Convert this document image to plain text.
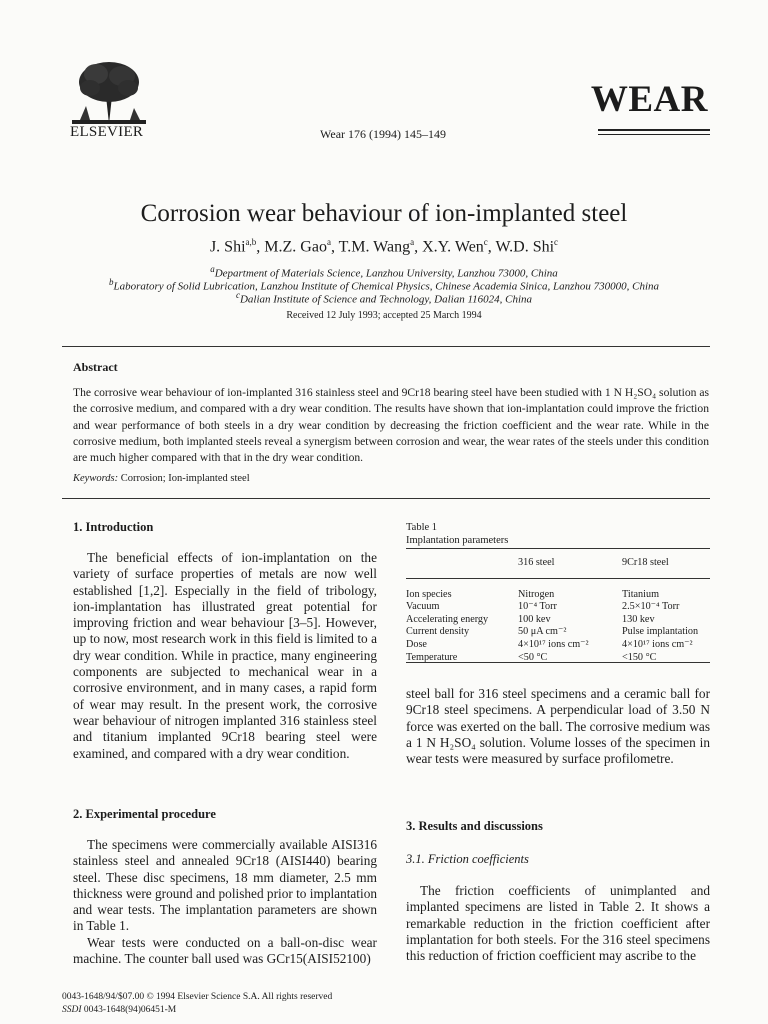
ELSEVIER	Wear 176 (1994) 145–149
WEAR
Corrosion wear behaviour of ion-implanted steel
J. Shi$^{a,b}$, M.Z. Gao$^a$, T.M. Wang$^a$, X.Y. Wen$^c$, W.D. Shi$^c$
$^a$Department of Materials Science, Lanzhou University, Lanzhou 73000, China
$^b$Laboratory of Solid Lubrication, Lanzhou Institute of Chemical Physics, Chinese Academia Sinica, Lanzhou 730000, China
$^c$Dalian Institute of Science and Technology, Dalian 116024, China
Received 12 July 1993; accepted 25 March 1994
Abstract
The corrosive wear behaviour of ion-implanted 316 stainless steel and 9Cr18 bearing steel have been studied with 1 N H₂SO₄ solution as the corrosive medium, and compared with a dry wear condition. The results have shown that ion-implantation could improve the friction and wear performance of both steels in a dry wear condition by decreasing the friction coefficient and the wear rate. While in the corrosive medium, both implanted steels reveal a synergism between corrosion and wear, the wear rates of the steels under this condition are much higher compared with that in the dry wear condition.
Keywords: Corrosion; Ion-implanted steel
1. Introduction

The beneficial effects of ion-implantation on the variety of surface properties of metals are now well established [1,2]. Especially in the field of tribology, ion-implantation has illustrated great potential for improving friction and wear behaviour [3–5]. However, up to now, most research work in this field is limited to a dry wear condition. While in practice, many engineering components are subjected to mechanical wear in a corrosive environment, and in many cases, a rapid form of wear may result. In the present work, the corrosive wear behaviour of nitrogen implanted 316 stainless steel and titanium implanted 9Cr18 bearing steel were examined, and compared with a dry wear condition.

2. Experimental procedure

The specimens were commercially available AISI316 stainless steel and annealed 9Cr18 (AISI440) bearing steel. These disc specimens, 18 mm diameter, 2.5 mm thickness were ground and polished prior to implantation and wear tests. The implantation parameters are shown in Table 1.

Wear tests were conducted on a ball-on-disc wear machine. The counter ball used was GCr15(AISI52100)

Table 1
Implantation parameters
	316 steel	9Cr18 steel
Ion species	Nitrogen	Titanium
Vacuum	10⁻⁴ Torr	2.5×10⁻⁴ Torr
Accelerating energy	100 kev	130 kev
Current density	50 μA cm⁻²	Pulse implantation
Dose	4×10¹⁷ ions cm⁻²	4×10¹⁷ ions cm⁻²
Temperature	<50 °C	<150 °C

steel ball for 316 steel specimens and a ceramic ball for 9Cr18 steel specimens. A perpendicular load of 3.50 N force was exerted on the ball. The corrosive medium was a 1 N H₂SO₄ solution. Volume losses of the specimen in wear tests were measured by surface profilometre.

3. Results and discussions
3.1. Friction coefficients

The friction coefficients of unimplanted and implanted specimens are listed in Table 2. It shows a remarkable reduction in the friction coefficient after implantation for both steels. For the 316 steel specimens this reduction of friction coefficient may ascribe to the

0043-1648/94/$07.00 © 1994 Elsevier Science S.A. All rights reserved
SSDI 0043-1648(94)06451-M
